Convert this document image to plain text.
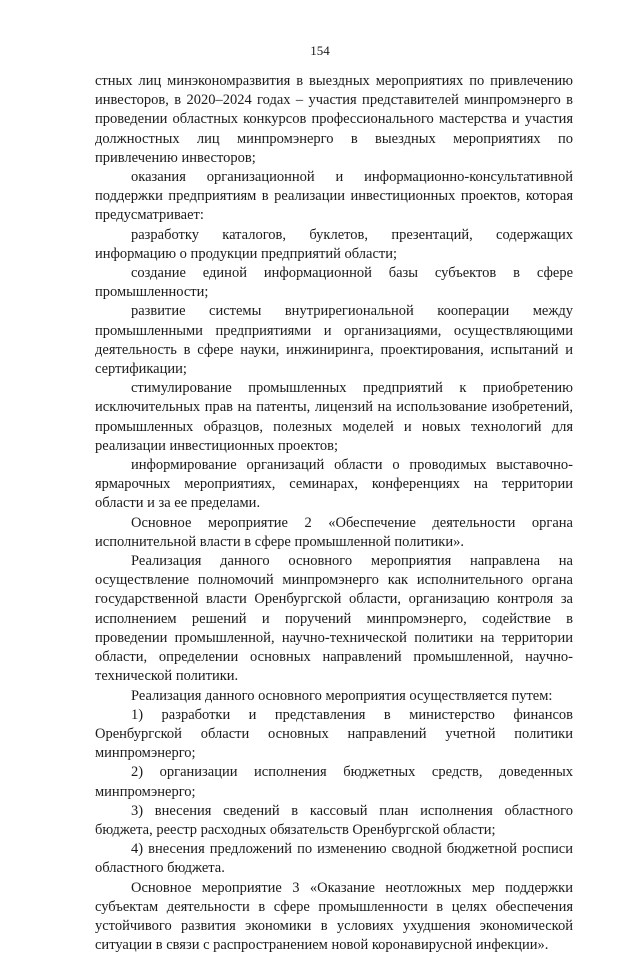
154

стных лиц минэкономразвития в выездных мероприятиях по привлечению инвесторов, в 2020–2024 годах – участия представителей минпромэнерго в проведении областных конкурсов профессионального мастерства и участия должностных лиц минпромэнерго в выездных мероприятиях по привлечению инвесторов;

оказания организационной и информационно-консультативной поддержки предприятиям в реализации инвестиционных проектов, которая предусматривает:

разработку каталогов, буклетов, презентаций, содержащих информацию о продукции предприятий области;

создание единой информационной базы субъектов в сфере промышленности;

развитие системы внутрирегиональной кооперации между промышленными предприятиями и организациями, осуществляющими деятельность в сфере науки, инжиниринга, проектирования, испытаний и сертификации;

стимулирование промышленных предприятий к приобретению исключительных прав на патенты, лицензий на использование изобретений, промышленных образцов, полезных моделей и новых технологий для реализации инвестиционных проектов;

информирование организаций области о проводимых выставочно-ярмарочных мероприятиях, семинарах, конференциях на территории области и за ее пределами.

Основное мероприятие 2 «Обеспечение деятельности органа исполнительной власти в сфере промышленной политики».

Реализация данного основного мероприятия направлена на осуществление полномочий минпромэнерго как исполнительного органа государственной власти Оренбургской области, организацию контроля за исполнением решений и поручений минпромэнерго, содействие в проведении промышленной, научно-технической политики на территории области, определении основных направлений промышленной, научно-технической политики.

Реализация данного основного мероприятия осуществляется путем:

1) разработки и представления в министерство финансов Оренбургской области основных направлений учетной политики минпромэнерго;

2) организации исполнения бюджетных средств, доведенных минпромэнерго;

3) внесения сведений в кассовый план исполнения областного бюджета, реестр расходных обязательств Оренбургской области;

4) внесения предложений по изменению сводной бюджетной росписи областного бюджета.

Основное мероприятие 3 «Оказание неотложных мер поддержки субъектам деятельности в сфере промышленности в целях обеспечения устойчивого развития экономики в условиях ухудшения экономической ситуации в связи с распространением новой коронавирусной инфекции».
